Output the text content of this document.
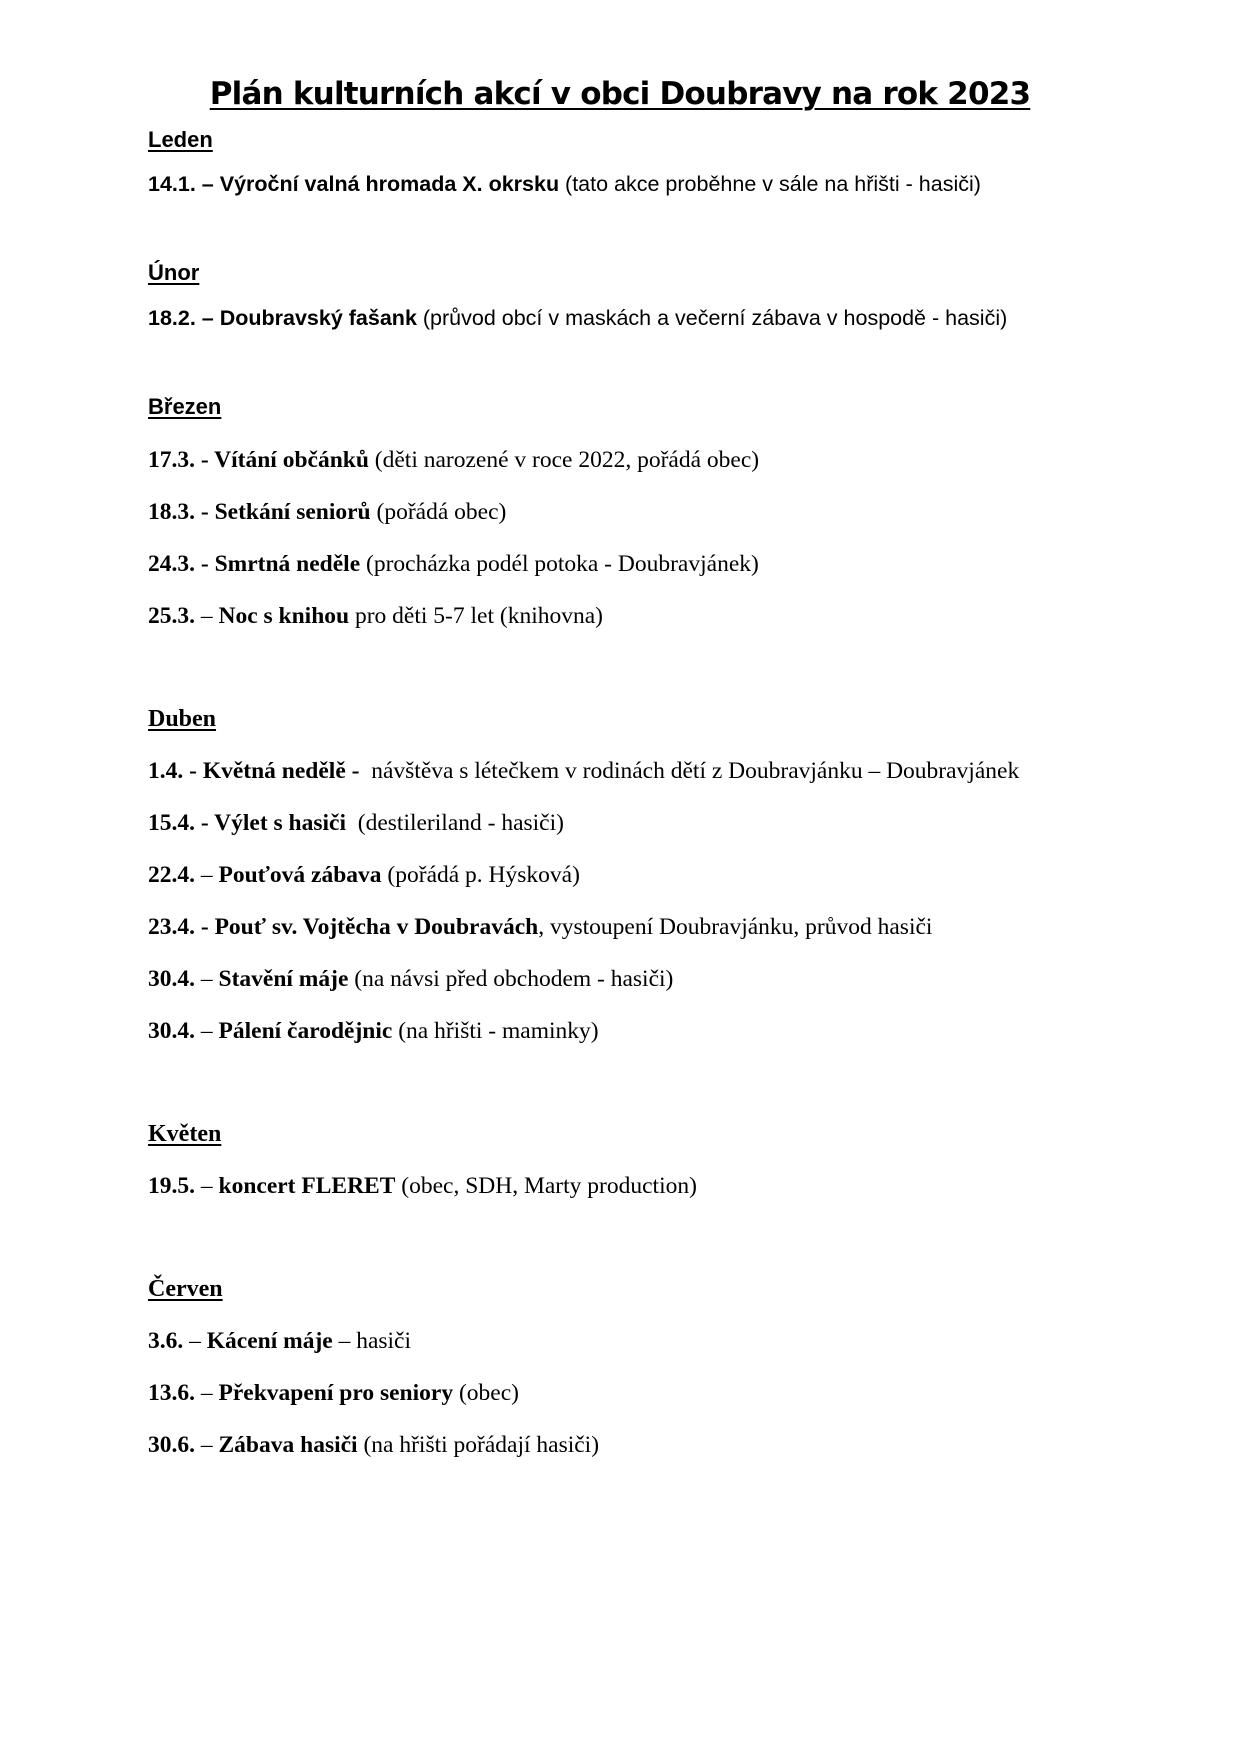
Plán kulturních akcí v obci Doubravy na rok 2023
Leden
14.1. – Výroční valná hromada X. okrsku (tato akce proběhne v sále na hřišti - hasiči)
Únor
18.2. – Doubravský fašank (průvod obcí v maskách a večerní zábava v hospodě - hasiči)
Březen
17.3. - Vítání občánků (děti narozené v roce 2022, pořádá obec)
18.3. - Setkání seniorů (pořádá obec)
24.3. - Smrtná neděle (procházka podél potoka - Doubravjánek)
25.3. – Noc s knihou pro děti 5-7 let (knihovna)
Duben
1.4. - Květná nedělě -  návštěva s létečkem v rodinách dětí z Doubravjánku – Doubravjánek
15.4. - Výlet s hasiči  (destileriland - hasiči)
22.4. – Pouťová zábava (pořádá p. Hýsková)
23.4. - Pouť sv. Vojtěcha v Doubravách, vystoupení Doubravjánku, průvod hasiči
30.4. – Stavění máje (na návsi před obchodem - hasiči)
30.4. – Pálení čarodějnic (na hřišti - maminky)
Květen
19.5. – koncert FLERET (obec, SDH, Marty production)
Červen
3.6. – Kácení máje – hasiči
13.6. – Překvapení pro seniory (obec)
30.6. – Zábava hasiči (na hřišti pořádají hasiči)
